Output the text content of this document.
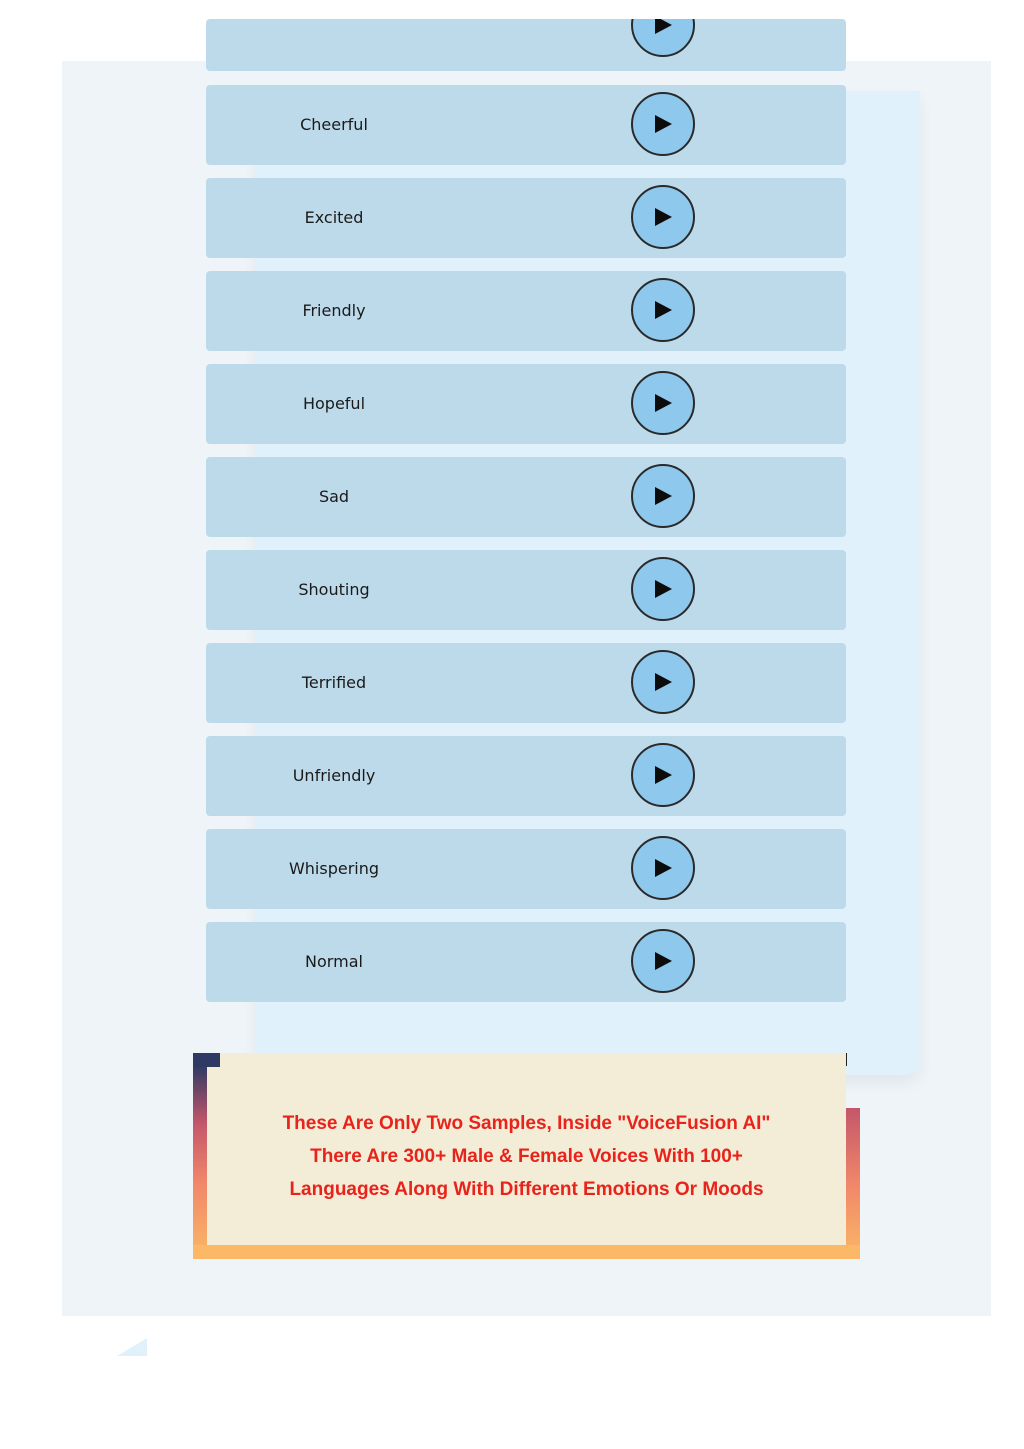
Cheerful
Excited
Friendly
Hopeful
Sad
Shouting
Terrified
Unfriendly
Whispering
Normal
These Are Only Two Samples, Inside "VoiceFusion AI"
There Are 300+ Male & Female Voices With 100+
Languages Along With Different Emotions Or Moods
